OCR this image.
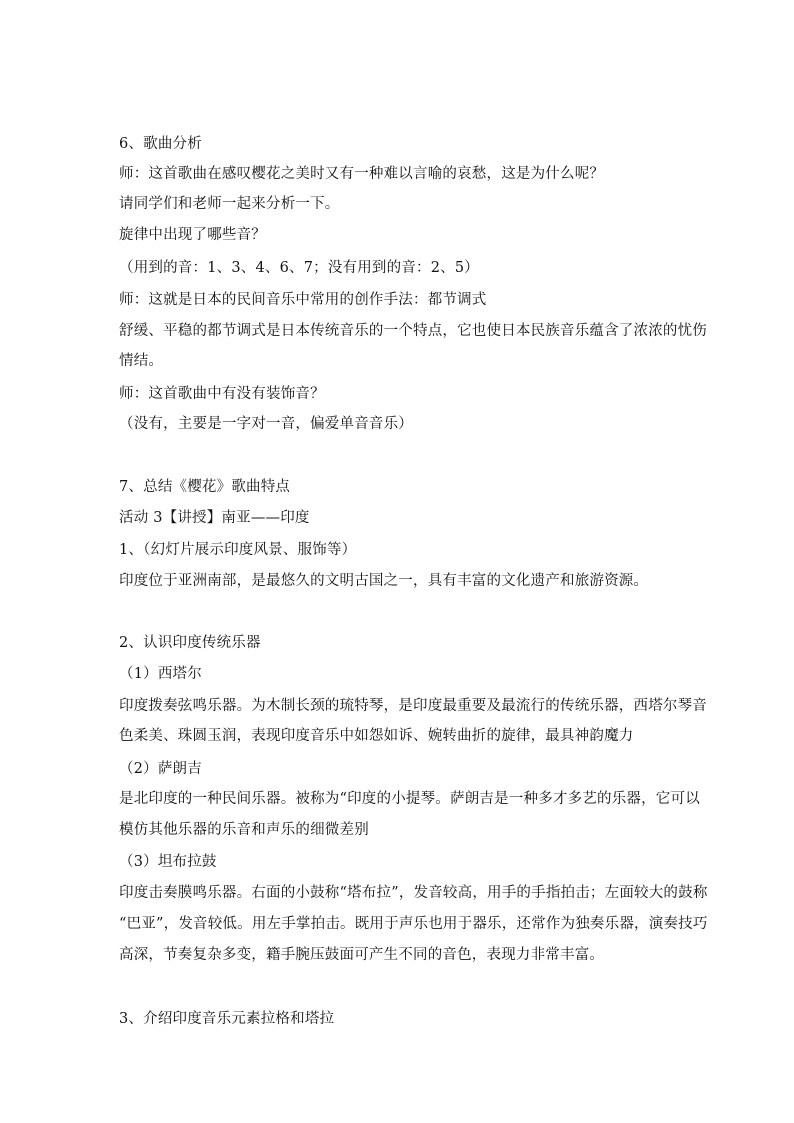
6、歌曲分析
师：这首歌曲在感叹樱花之美时又有一种难以言喻的哀愁，这是为什么呢？
请同学们和老师一起来分析一下。
旋律中出现了哪些音？
（用到的音：1、3、4、6、7；没有用到的音：2、5）
师：这就是日本的民间音乐中常用的创作手法：都节调式
舒缓、平稳的都节调式是日本传统音乐的一个特点，它也使日本民族音乐蕴含了浓浓的忧伤
情结。
师：这首歌曲中有没有装饰音？
（没有，主要是一字对一音，偏爱单音音乐）
7、总结《樱花》歌曲特点
活动 3【讲授】南亚——印度
1、（幻灯片展示印度风景、服饰等）
印度位于亚洲南部，是最悠久的文明古国之一，具有丰富的文化遗产和旅游资源。
2、认识印度传统乐器
（1）西塔尔
印度拨奏弦鸣乐器。为木制长颈的琉特琴，是印度最重要及最流行的传统乐器，西塔尔琴音
色柔美、珠圆玉润，表现印度音乐中如怨如诉、婉转曲折的旋律，最具神韵魔力
（2）萨朗吉
是北印度的一种民间乐器。被称为“印度的小提琴。萨朗吉是一种多才多艺的乐器，它可以
模仿其他乐器的乐音和声乐的细微差别
（3）坦布拉鼓
印度击奏膜鸣乐器。右面的小鼓称“塔布拉”，发音较高，用手的手指拍击；左面较大的鼓称
“巴亚”，发音较低。用左手掌拍击。既用于声乐也用于器乐，还常作为独奏乐器，演奏技巧
高深，节奏复杂多变，籍手腕压鼓面可产生不同的音色，表现力非常丰富。
3、介绍印度音乐元素拉格和塔拉
